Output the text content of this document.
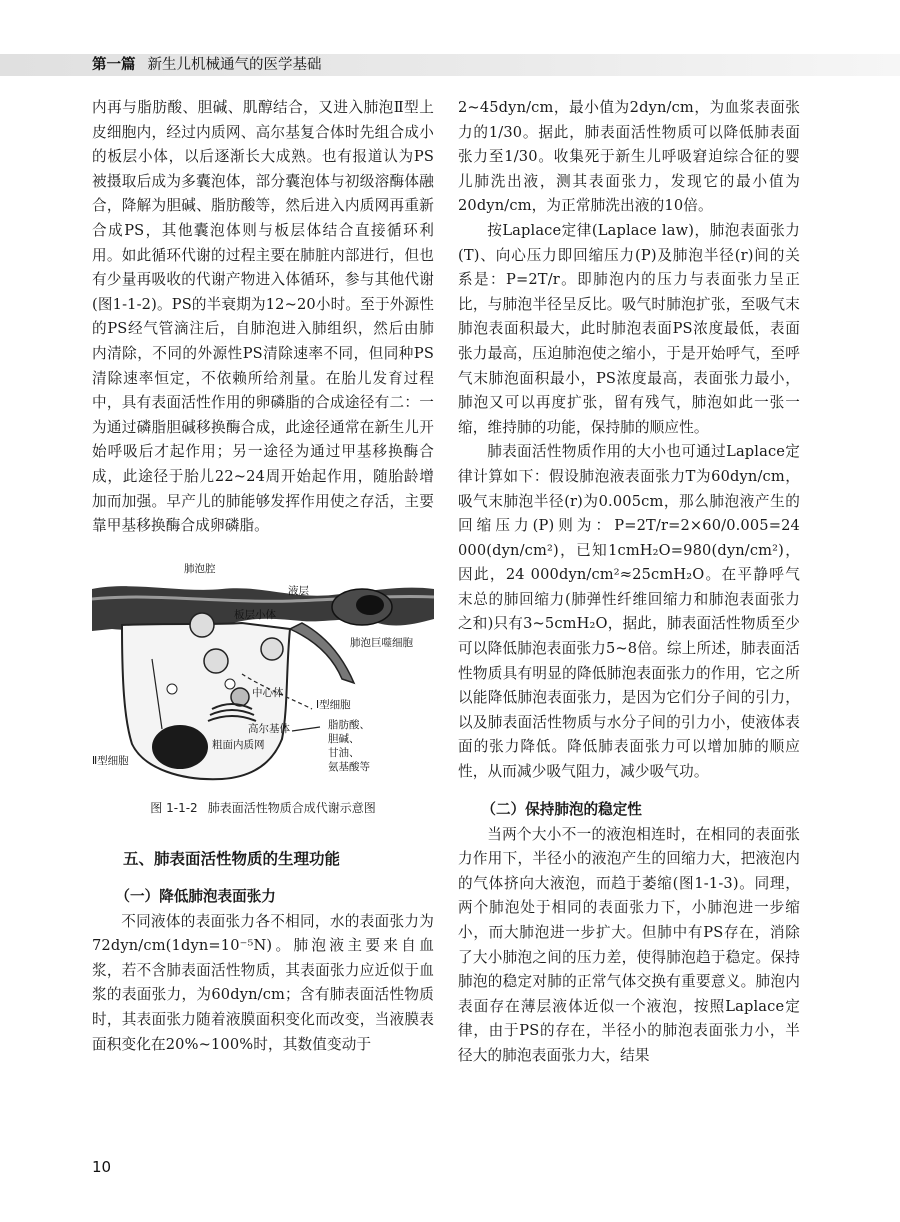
第一篇 新生儿机械通气的医学基础

内再与脂肪酸、胆碱、肌醇结合，又进入肺泡Ⅱ型上皮细胞内，经过内质网、高尔基复合体时先组合成小的板层小体，以后逐渐长大成熟。也有报道认为PS被摄取后成为多囊泡体，部分囊泡体与初级溶酶体融合，降解为胆碱、脂肪酸等，然后进入内质网再重新合成PS，其他囊泡体则与板层体结合直接循环利用。如此循环代谢的过程主要在肺脏内部进行，但也有少量再吸收的代谢产物进入体循环，参与其他代谢(图1-1-2)。PS的半衰期为12~20小时。至于外源性的PS经气管滴注后，自肺泡进入肺组织，然后由肺内清除，不同的外源性PS清除速率不同，但同种PS清除速率恒定，不依赖所给剂量。在胎儿发育过程中，具有表面活性作用的卵磷脂的合成途径有二：一为通过磷脂胆碱移换酶合成，此途径通常在新生儿开始呼吸后才起作用；另一途径为通过甲基移换酶合成，此途径于胎儿22~24周开始起作用，随胎龄增加而加强。早产儿的肺能够发挥作用使之存活，主要靠甲基移换酶合成卵磷脂。

肺泡腔
液层
板层小体
肺泡巨噬细胞
中心体
Ⅰ型细胞
高尔基体
粗面内质网
Ⅱ型细胞
脂肪酸、
胆碱、
甘油、
氨基酸等
图 1-1-2 肺表面活性物质合成代谢示意图
五、肺表面活性物质的生理功能
（一）降低肺泡表面张力

不同液体的表面张力各不相同，水的表面张力为72dyn/cm(1dyn=10⁻⁵N)。肺泡液主要来自血浆，若不含肺表面活性物质，其表面张力应近似于血浆的表面张力，为60dyn/cm；含有肺表面活性物质时，其表面张力随着液膜面积变化而改变，当液膜表面积变化在20%~100%时，其数值变动于

2~45dyn/cm，最小值为2dyn/cm，为血浆表面张力的1/30。据此，肺表面活性物质可以降低肺表面张力至1/30。收集死于新生儿呼吸窘迫综合征的婴儿肺洗出液，测其表面张力，发现它的最小值为20dyn/cm，为正常肺洗出液的10倍。

按Laplace定律(Laplace law)，肺泡表面张力(T)、向心压力即回缩压力(P)及肺泡半径(r)间的关系是：P=2T/r。即肺泡内的压力与表面张力呈正比，与肺泡半径呈反比。吸气时肺泡扩张，至吸气末肺泡表面积最大，此时肺泡表面PS浓度最低，表面张力最高，压迫肺泡使之缩小，于是开始呼气，至呼气末肺泡面积最小，PS浓度最高，表面张力最小，肺泡又可以再度扩张，留有残气，肺泡如此一张一缩，维持肺的功能，保持肺的顺应性。

肺表面活性物质作用的大小也可通过Laplace定律计算如下：假设肺泡液表面张力T为60dyn/cm，吸气末肺泡半径(r)为0.005cm，那么肺泡液产生的回缩压力(P)则为：P=2T/r=2×60/0.005=24 000(dyn/cm²)，已知1cmH₂O=980(dyn/cm²)，因此，24 000dyn/cm²≈25cmH₂O。在平静呼气末总的肺回缩力(肺弹性纤维回缩力和肺泡表面张力之和)只有3~5cmH₂O，据此，肺表面活性物质至少可以降低肺泡表面张力5~8倍。综上所述，肺表面活性物质具有明显的降低肺泡表面张力的作用，它之所以能降低肺泡表面张力，是因为它们分子间的引力，以及肺表面活性物质与水分子间的引力小，使液体表面的张力降低。降低肺表面张力可以增加肺的顺应性，从而减少吸气阻力，减少吸气功。

（二）保持肺泡的稳定性

当两个大小不一的液泡相连时，在相同的表面张力作用下，半径小的液泡产生的回缩力大，把液泡内的气体挤向大液泡，而趋于萎缩(图1-1-3)。同理，两个肺泡处于相同的表面张力下，小肺泡进一步缩小，而大肺泡进一步扩大。但肺中有PS存在，消除了大小肺泡之间的压力差，使得肺泡趋于稳定。保持肺泡的稳定对肺的正常气体交换有重要意义。肺泡内表面存在薄层液体近似一个液泡，按照Laplace定律，由于PS的存在，半径小的肺泡表面张力小，半径大的肺泡表面张力大，结果

10
